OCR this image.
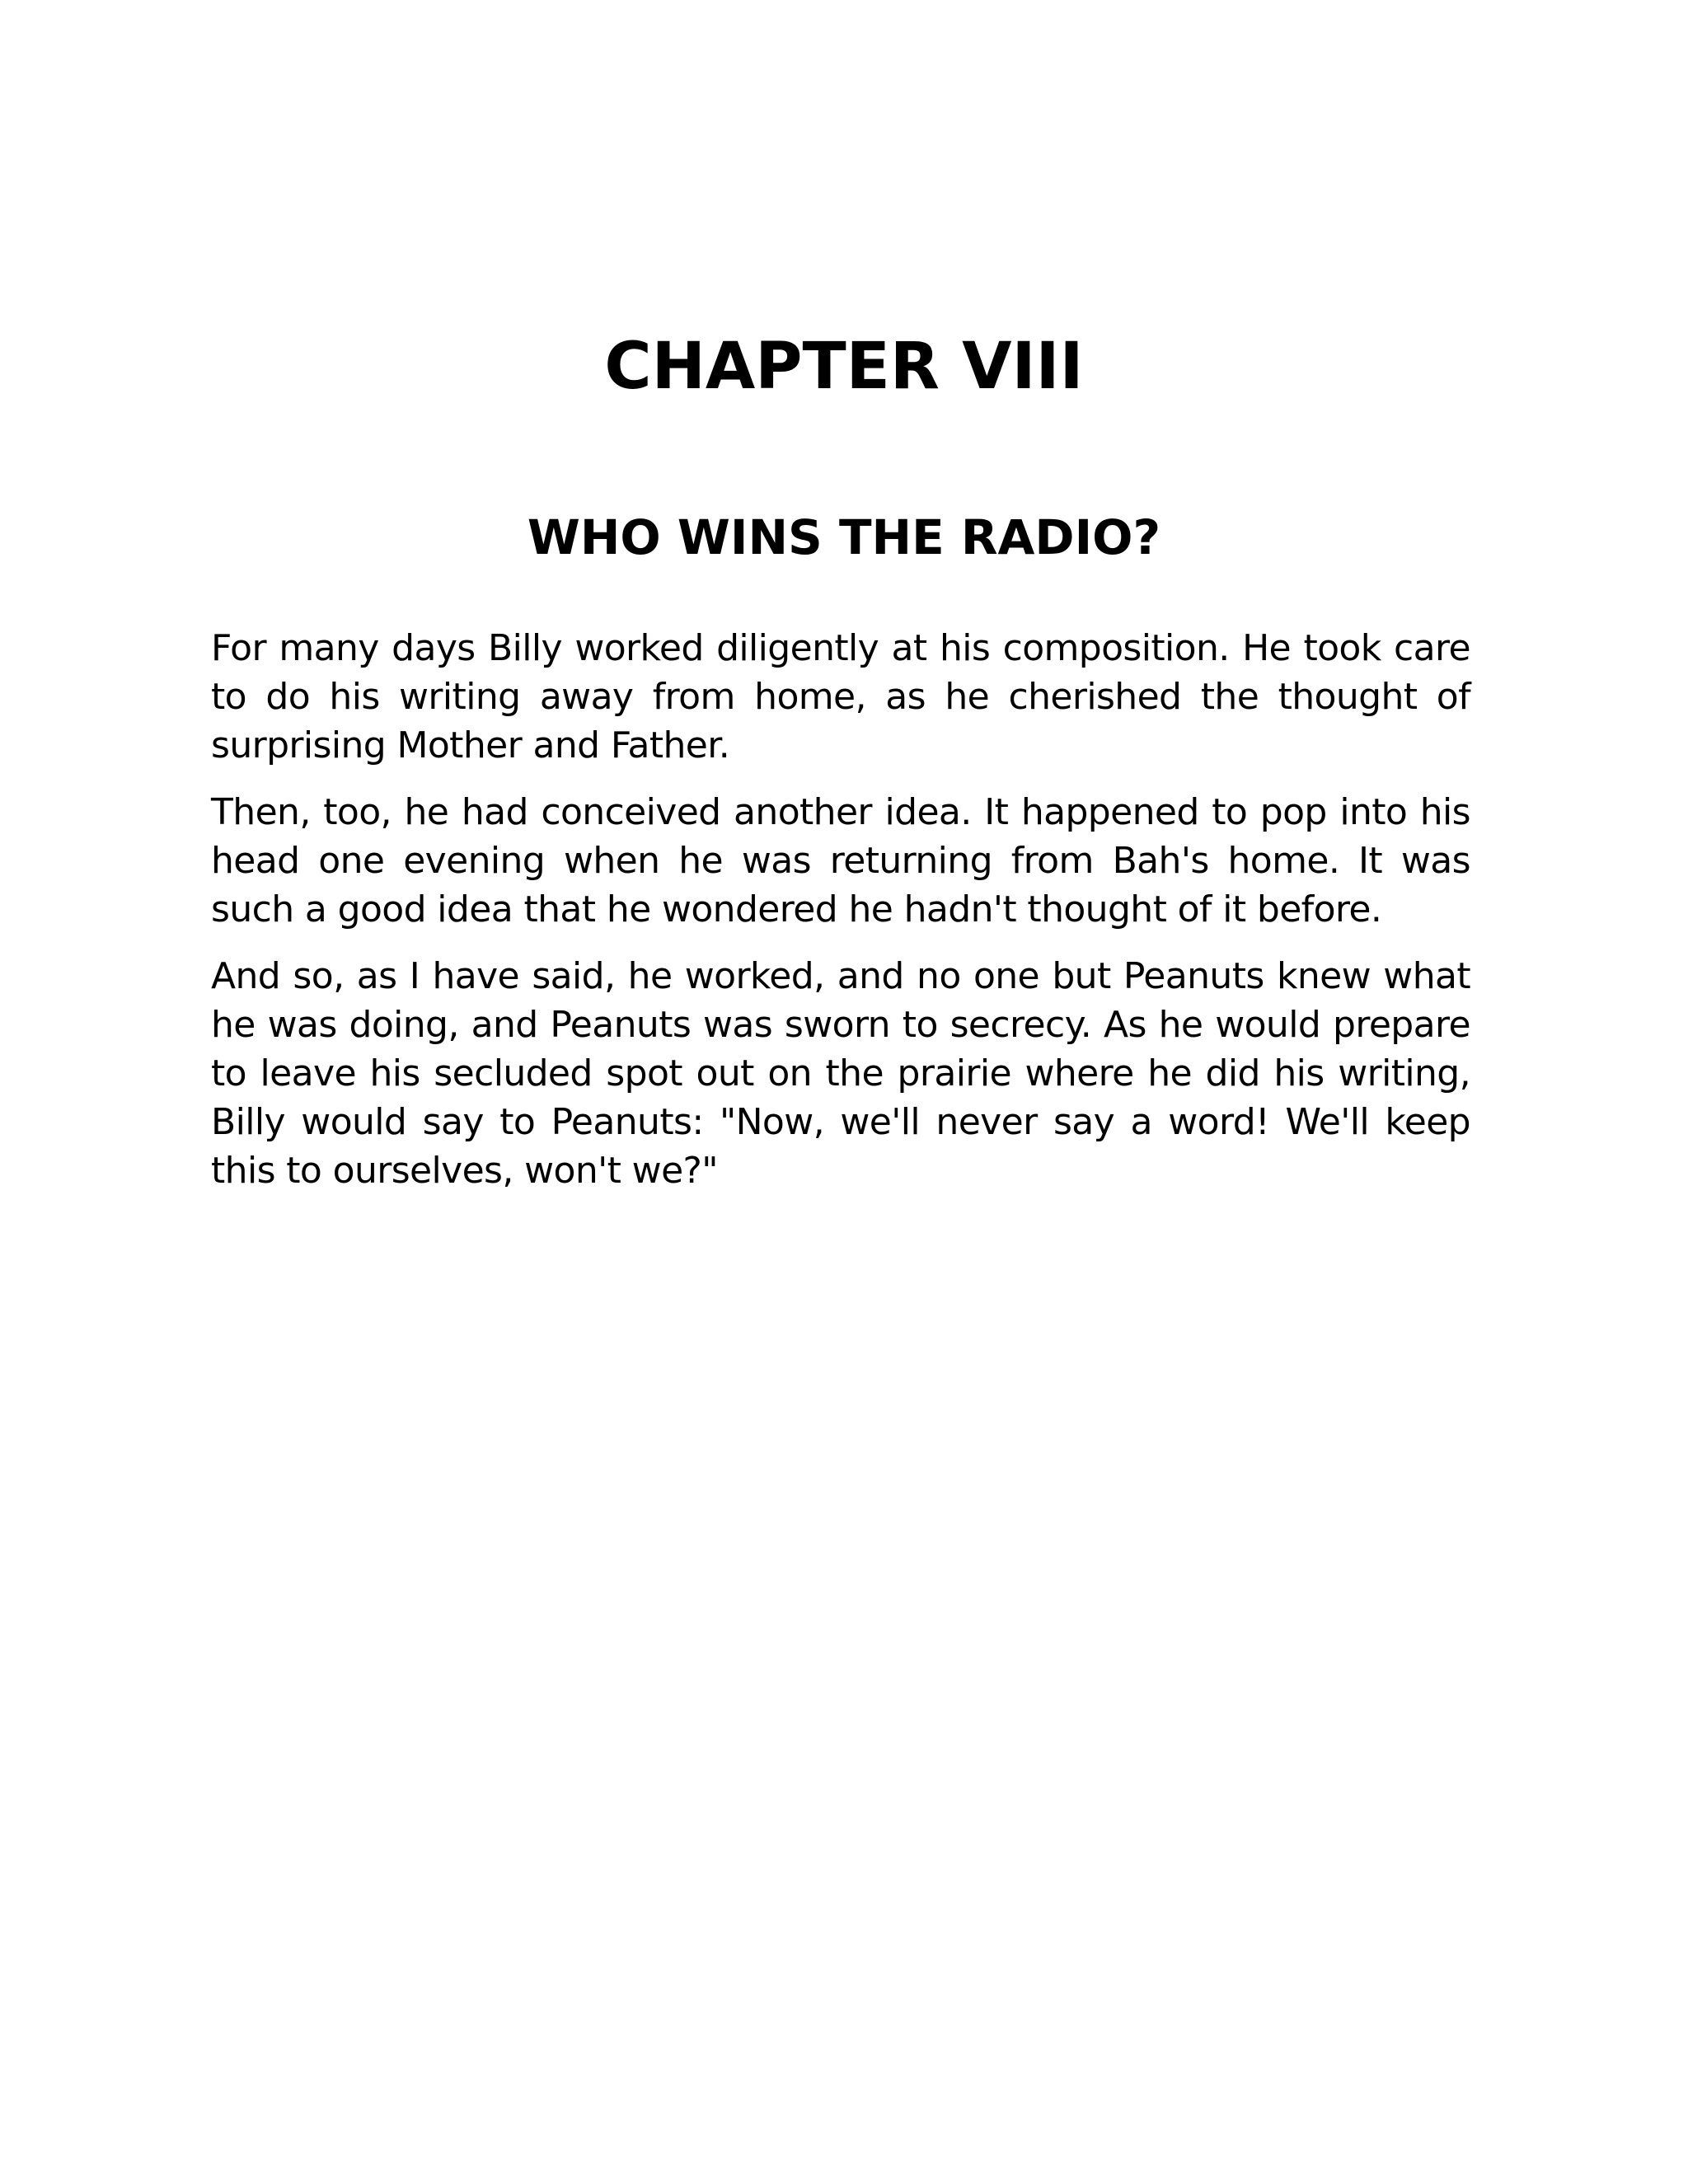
CHAPTER VIII
WHO WINS THE RADIO?

For many days Billy worked diligently at his composition. He took care to do his writing away from home, as he cherished the thought of surprising Mother and Father.

Then, too, he had conceived another idea. It happened to pop into his head one evening when he was returning from Bah's home. It was such a good idea that he wondered he hadn't thought of it before.

And so, as I have said, he worked, and no one but Peanuts knew what he was doing, and Peanuts was sworn to secrecy. As he would prepare to leave his secluded spot out on the prairie where he did his writing, Billy would say to Peanuts: "Now, we'll never say a word! We'll keep this to ourselves, won't we?"
